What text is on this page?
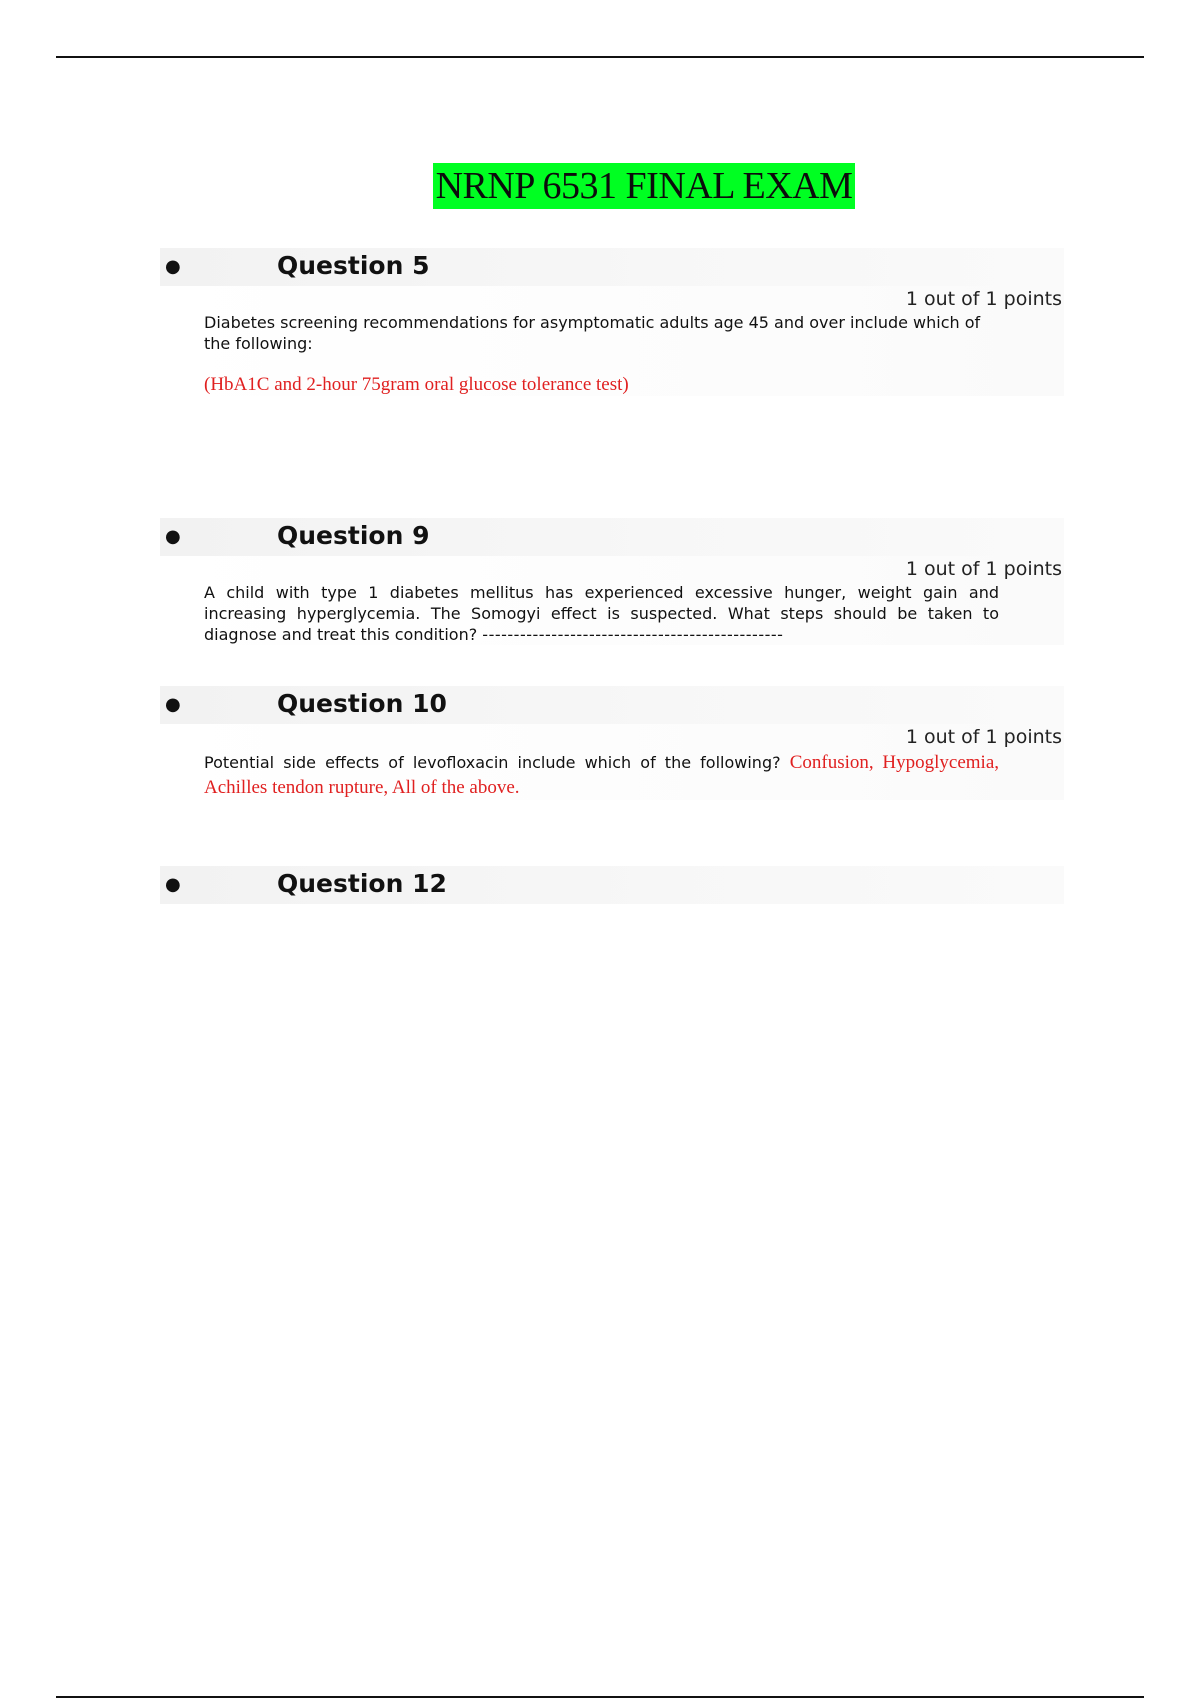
NRNP 6531 FINAL EXAM
●	Question 5
1 out of 1 points
Diabetes screening recommendations for asymptomatic adults age 45 and over include which of the following:
(HbA1C and 2-hour 75gram oral glucose tolerance test)
●	Question 9
1 out of 1 points
A child with type 1 diabetes mellitus has experienced excessive hunger, weight gain and increasing hyperglycemia. The Somogyi effect is suspected. What steps should be taken to diagnose and treat this condition? ------------------------------------------------
●	Question 10
1 out of 1 points
Potential side effects of levofloxacin include which of the following? Confusion, Hypoglycemia, Achilles tendon rupture, All of the above.
●	Question 12
